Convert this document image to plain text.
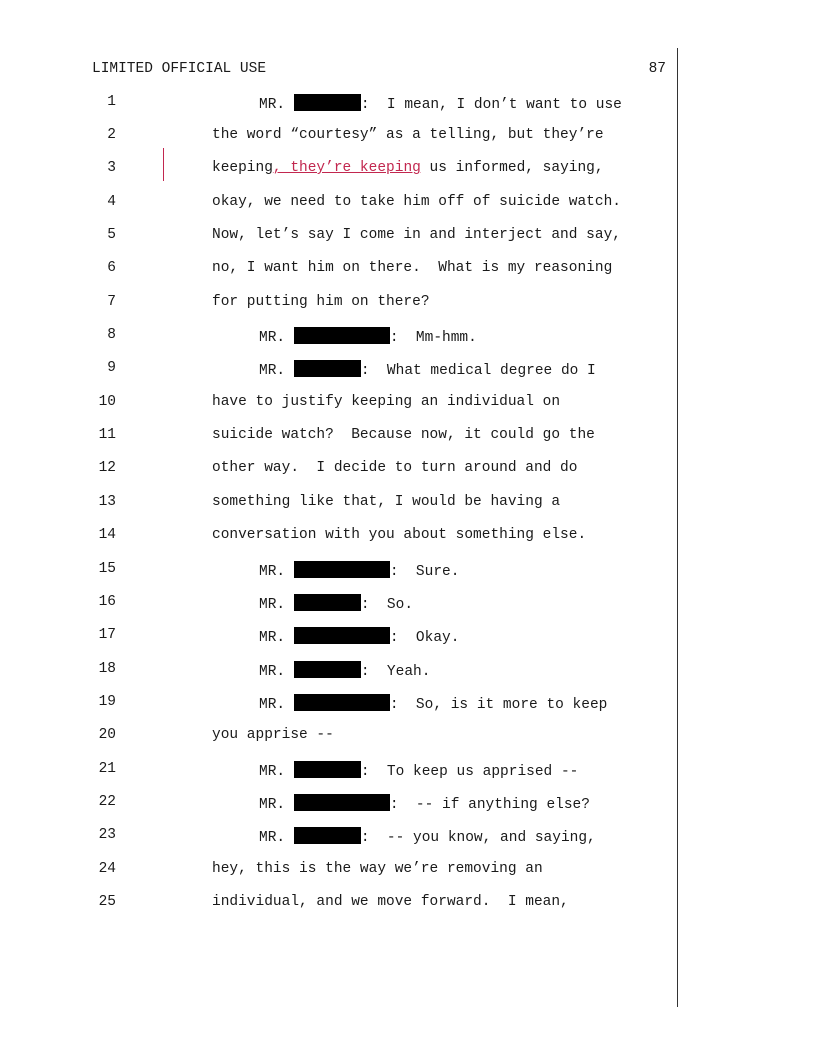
LIMITED OFFICIAL USE	87
1	MR.	:  I mean, I don’t want to use
2	the word “courtesy” as a telling, but they’re
3	keeping, they’re keeping us informed, saying,
4	okay, we need to take him off of suicide watch.
5	Now, let’s say I come in and interject and say,
6	no, I want him on there.  What is my reasoning
7	for putting him on there?
8	MR.	:  Mm-hmm.
9	MR.	:  What medical degree do I
10	have to justify keeping an individual on
11	suicide watch?  Because now, it could go the
12	other way.  I decide to turn around and do
13	something like that, I would be having a
14	conversation with you about something else.
15	MR.	:  Sure.
16	MR.	:  So.
17	MR.	:  Okay.
18	MR.	:  Yeah.
19	MR.	:  So, is it more to keep
20	you apprise --
21	MR.	:  To keep us apprised --
22	MR.	:  -- if anything else?
23	MR.	:  -- you know, and saying,
24	hey, this is the way we’re removing an
25	individual, and we move forward.  I mean,
